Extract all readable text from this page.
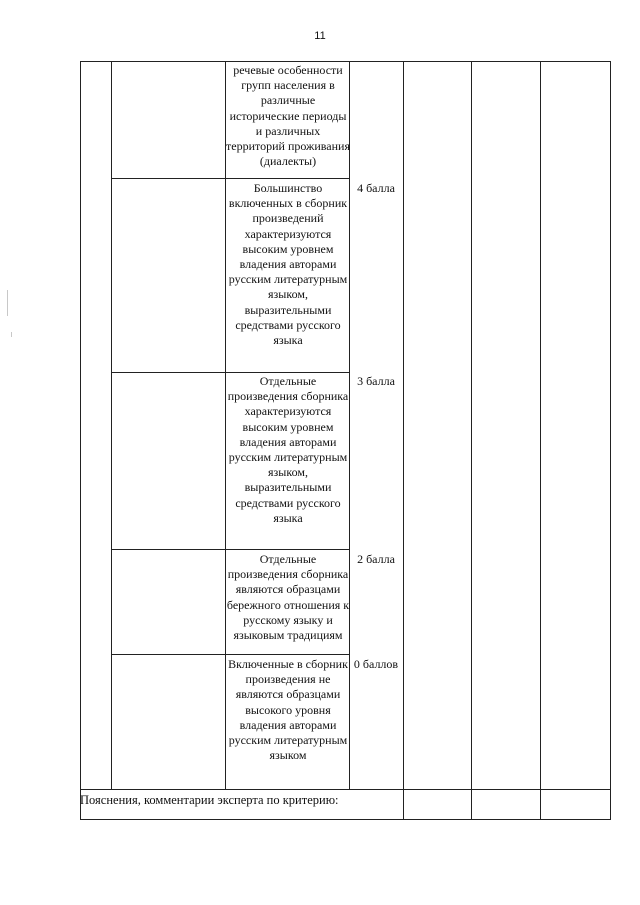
11
речевые особенности групп населения в различные исторические периоды и различных территорий проживания (диалекты)
Большинство включенных в сборник произведений характеризуются высоким уровнем владения авторами русским литературным языком, выразительными средствами русского языка
4 балла
Отдельные произведения сборника характеризуются высоким уровнем владения авторами русским литературным языком, выразительными средствами русского языка
3 балла
Отдельные произведения сборника являются образцами бережного отношения к русскому языку и языковым традициям
2 балла
Включенные в сборник произведения не являются образцами высокого уровня владения авторами русским литературным языком
0 баллов
Пояснения, комментарии эксперта по критерию:
